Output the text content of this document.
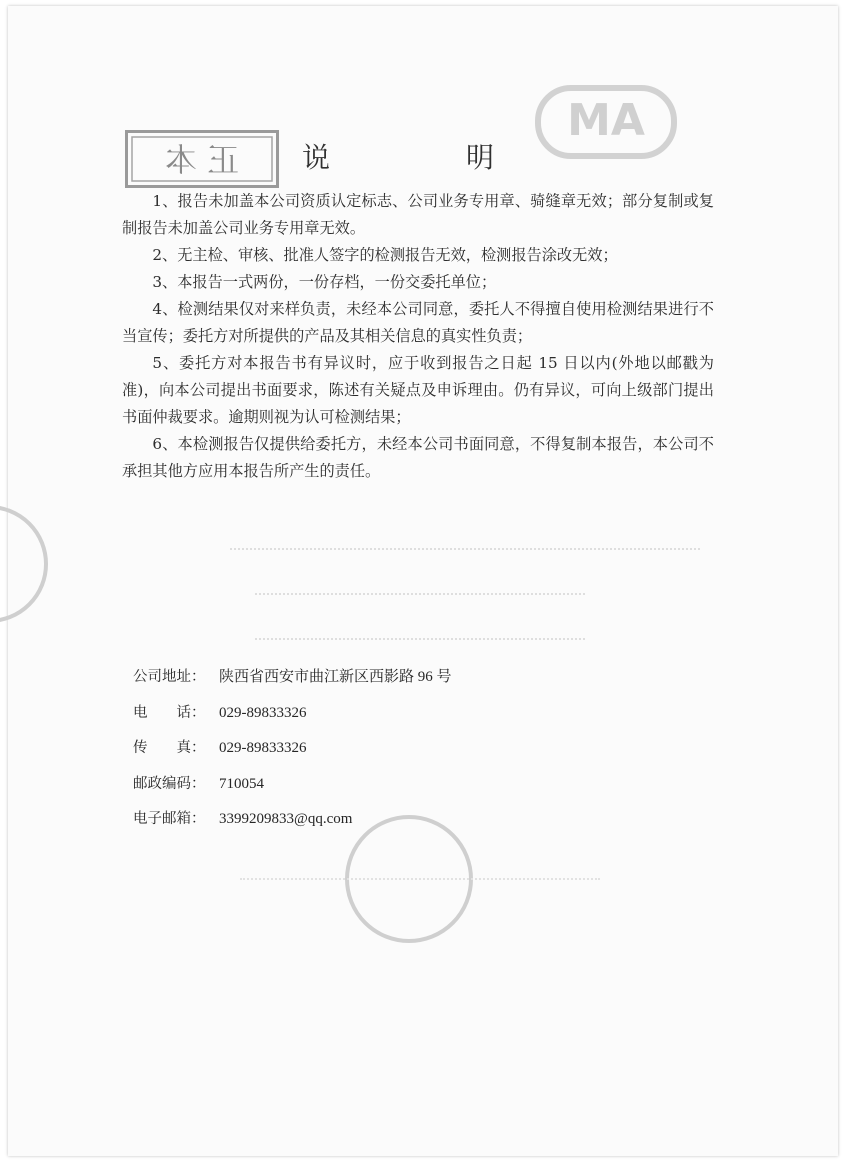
正 本
MA
说　明

1、报告未加盖本公司资质认定标志、公司业务专用章、骑缝章无效；部分复制或复制报告未加盖公司业务专用章无效。

2、无主检、审核、批准人签字的检测报告无效，检测报告涂改无效；

3、本报告一式两份，一份存档，一份交委托单位；

4、检测结果仅对来样负责，未经本公司同意，委托人不得擅自使用检测结果进行不当宣传；委托方对所提供的产品及其相关信息的真实性负责；

5、委托方对本报告书有异议时，应于收到报告之日起 15 日以内(外地以邮戳为准)，向本公司提出书面要求，陈述有关疑点及申诉理由。仍有异议，可向上级部门提出书面仲裁要求。逾期则视为认可检测结果；

6、本检测报告仅提供给委托方，未经本公司书面同意，不得复制本报告，本公司不承担其他方应用本报告所产生的责任。

公司地址： 陕西省西安市曲江新区西影路 96 号
电　　话： 029-89833326
传　　真： 029-89833326
邮政编码： 710054
电子邮箱： 3399209833@qq.com
